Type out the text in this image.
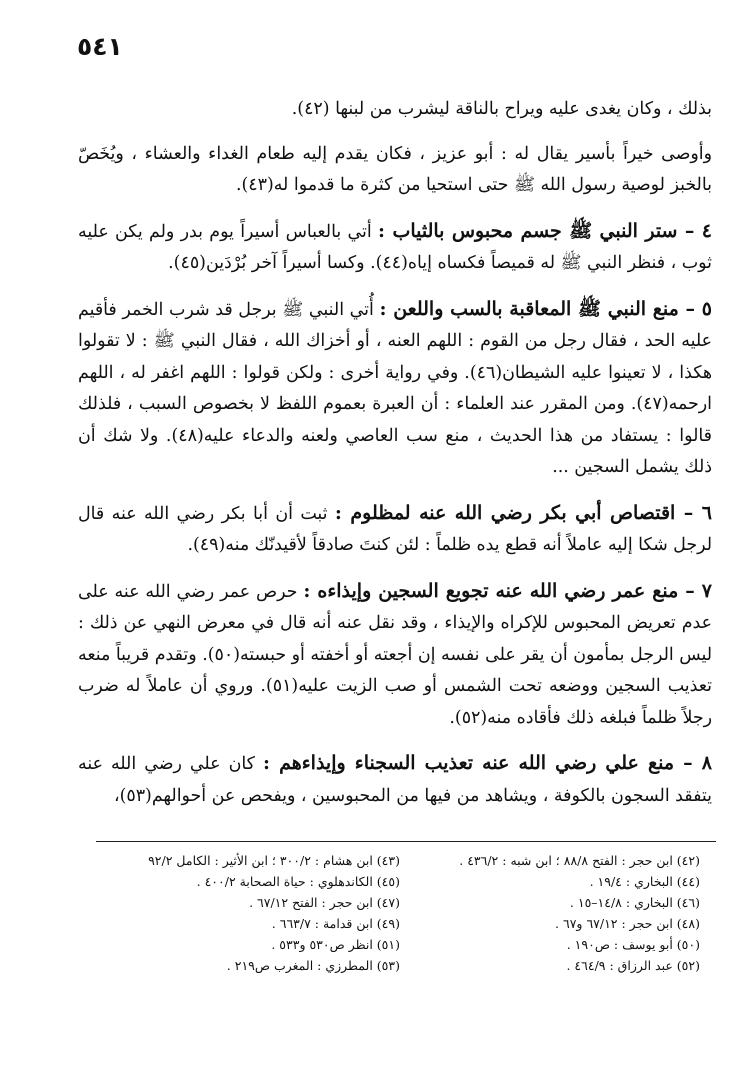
٥٤١

بذلك ، وكان يغدى عليه ويراح بالناقة ليشرب من لبنها (٤٢).

وأوصى خيراً بأسير يقال له : أبو عزيز ، فكان يقدم إليه طعام الغداء والعشاء ، ويُخَصّ بالخبز لوصية رسول الله ﷺ حتى استحيا من كثرة ما قدموا له(٤٣).

٤ – ستر النبي ﷺ جسم محبوس بالثياب : أتي بالعباس أسيراً يوم بدر ولم يكن عليه ثوب ، فنظر النبي ﷺ له قميصاً فكساه إياه(٤٤). وكسا أسيراً آخر بُرْدَين(٤٥).

٥ – منع النبي ﷺ المعاقبة بالسب واللعن : أُتي النبي ﷺ برجل قد شرب الخمر فأقيم عليه الحد ، فقال رجل من القوم : اللهم العنه ، أو أخزاك الله ، فقال النبي ﷺ : لا تقولوا هكذا ، لا تعينوا عليه الشيطان(٤٦). وفي رواية أخرى : ولكن قولوا : اللهم اغفر له ، اللهم ارحمه(٤٧). ومن المقرر عند العلماء : أن العبرة بعموم اللفظ لا بخصوص السبب ، فلذلك قالوا : يستفاد من هذا الحديث ، منع سب العاصي ولعنه والدعاء عليه(٤٨). ولا شك أن ذلك يشمل السجين ...

٦ – اقتصاص أبي بكر رضي الله عنه لمظلوم : ثبت أن أبا بكر رضي الله عنه قال لرجل شكا إليه عاملاً أنه قطع يده ظلماً : لئن كنتَ صادقاً لأقيدنّك منه(٤٩).

٧ – منع عمر رضي الله عنه تجويع السجين وإيذاءه : حرص عمر رضي الله عنه على عدم تعريض المحبوس للإكراه والإيذاء ، وقد نقل عنه أنه قال في معرض النهي عن ذلك : ليس الرجل بمأمون أن يقر على نفسه إن أجعته أو أخفته أو حبسته(٥٠). وتقدم قريباً منعه تعذيب السجين ووضعه تحت الشمس أو صب الزيت عليه(٥١). وروي أن عاملاً له ضرب رجلاً ظلماً فبلغه ذلك فأقاده منه(٥٢).

٨ – منع علي رضي الله عنه تعذيب السجناء وإيذاءهم : كان علي رضي الله عنه يتفقد السجون بالكوفة ، ويشاهد من فيها من المحبوسين ، ويفحص عن أحوالهم(٥٣)،

(٤٢) ابن حجر : الفتح ٨٨/٨ ؛ ابن شبه : ٤٣٦/٢ .
(٤٣) ابن هشام : ٣٠٠/٢ ؛ ابن الأثير : الكامل ٩٢/٢
(٤٤) البخاري : ١٩/٤ .
(٤٥) الكاندهلوي : حياة الصحابة ٤٠٠/٢ .
(٤٦) البخاري : ١٤/٨–١٥ .
(٤٧) ابن حجر : الفتح ٦٧/١٢ .
(٤٨) ابن حجر : ٦٧/١٢ و٦٧ .
(٤٩) ابن قدامة : ٦٦٣/٧ .
(٥٠) أبو يوسف : ص١٩٠ .
(٥١) انظر ص٥٣٠ و٥٣٣ .
(٥٢) عبد الرزاق : ٤٦٤/٩ .
(٥٣) المطرزي : المغرب ص٢١٩ .
